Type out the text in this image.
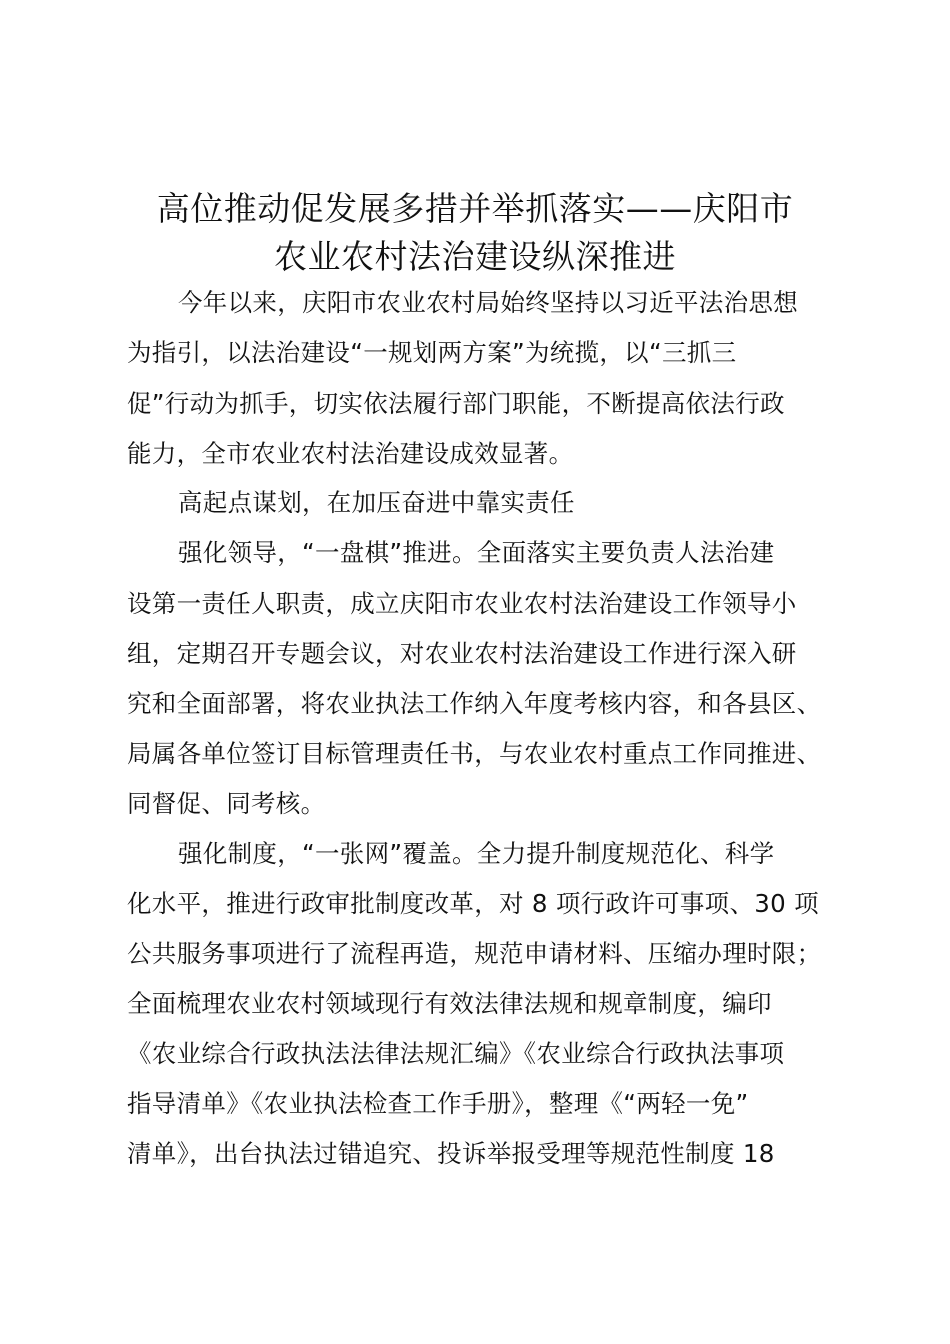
高位推动促发展多措并举抓落实——庆阳市
农业农村法治建设纵深推进
今年以来，庆阳市农业农村局始终坚持以习近平法治思想
为指引，以法治建设“一规划两方案”为统揽，以“三抓三
促”行动为抓手，切实依法履行部门职能，不断提高依法行政
能力，全市农业农村法治建设成效显著。
高起点谋划，在加压奋进中靠实责任
强化领导，“一盘棋”推进。全面落实主要负责人法治建
设第一责任人职责，成立庆阳市农业农村法治建设工作领导小
组，定期召开专题会议，对农业农村法治建设工作进行深入研
究和全面部署，将农业执法工作纳入年度考核内容，和各县区、
局属各单位签订目标管理责任书，与农业农村重点工作同推进、
同督促、同考核。
强化制度，“一张网”覆盖。全力提升制度规范化、科学
化水平，推进行政审批制度改革，对 8 项行政许可事项、30 项
公共服务事项进行了流程再造，规范申请材料、压缩办理时限；
全面梳理农业农村领域现行有效法律法规和规章制度，编印
《农业综合行政执法法律法规汇编》《农业综合行政执法事项
指导清单》《农业执法检查工作手册》，整理《“两轻一免”
清单》，出台执法过错追究、投诉举报受理等规范性制度 18
